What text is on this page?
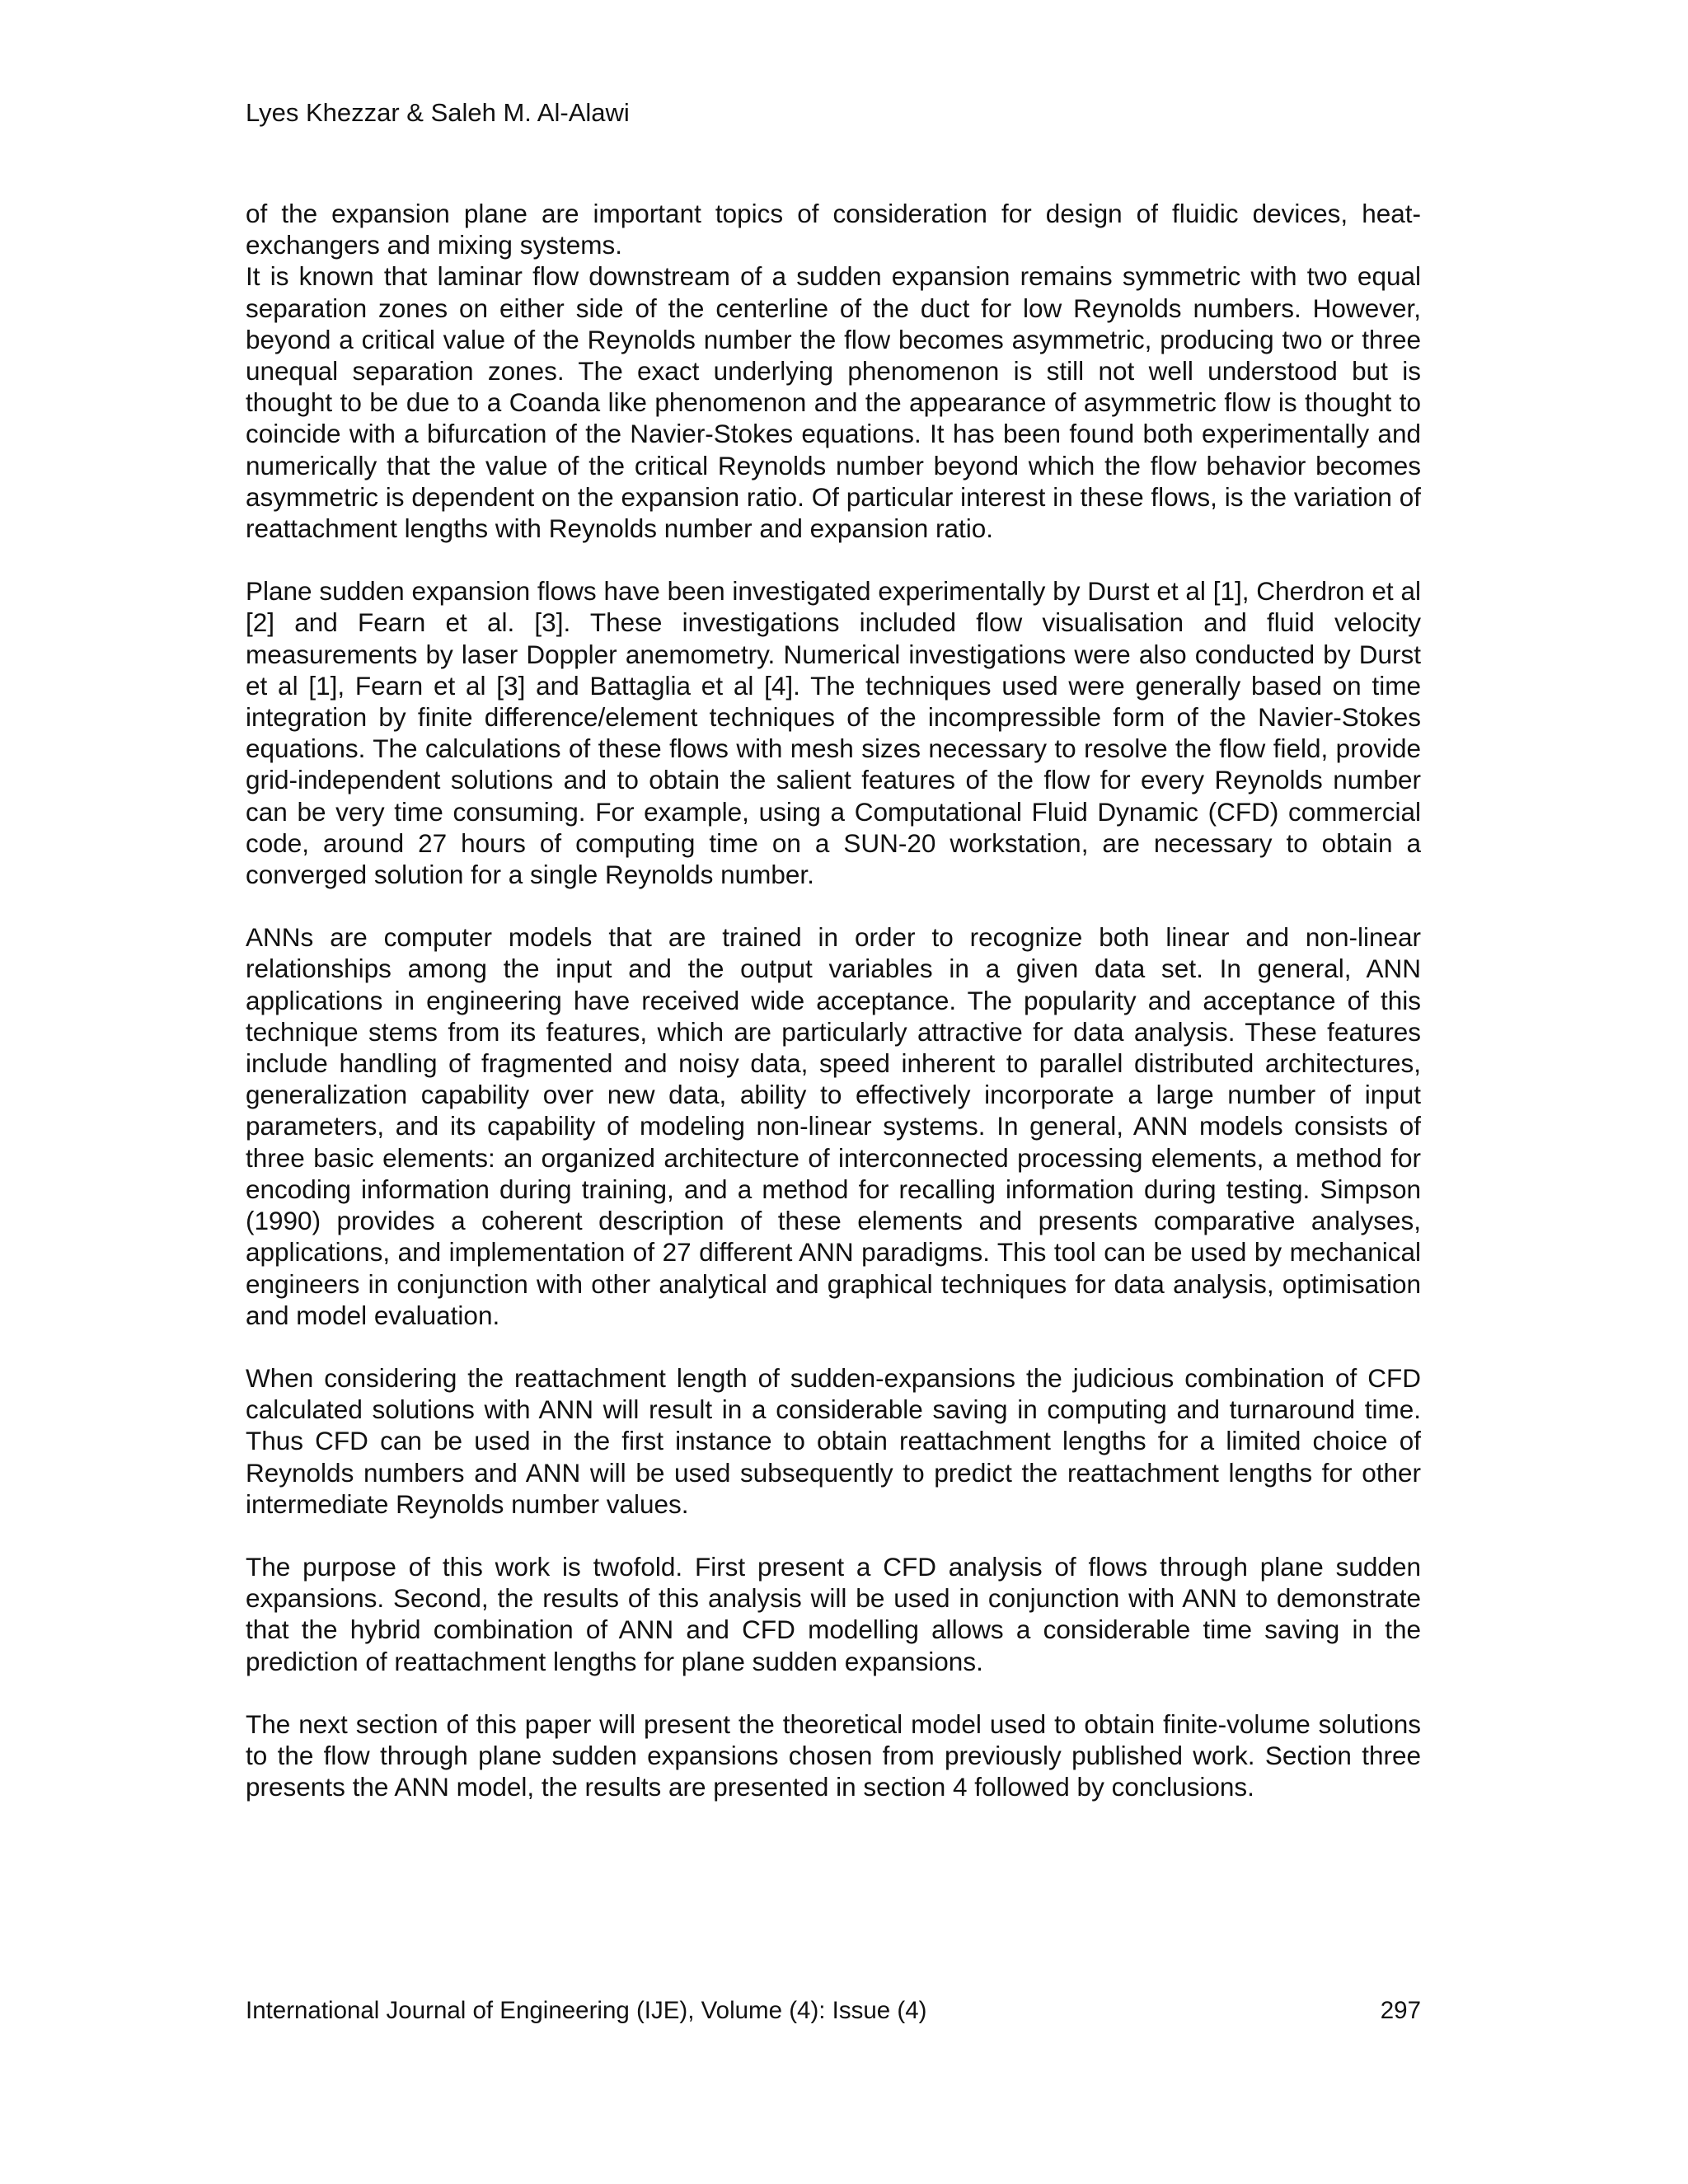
Lyes Khezzar & Saleh M. Al-Alawi

of the expansion plane are important topics of consideration for design of fluidic devices, heat-exchangers and mixing systems.

It is known that laminar flow downstream of a sudden expansion remains symmetric with two equal separation zones on either side of the centerline of the duct for low Reynolds numbers. However, beyond a critical value of the Reynolds number the flow becomes asymmetric, producing two or three unequal separation zones. The exact underlying phenomenon is still not well understood but is thought to be due to a Coanda like phenomenon and the appearance of asymmetric flow is thought to coincide with a bifurcation of the Navier-Stokes equations. It has been found both experimentally and numerically that the value of the critical Reynolds number beyond which the flow behavior becomes asymmetric is dependent on the expansion ratio. Of particular interest in these flows, is the variation of reattachment lengths with Reynolds number and expansion ratio.

Plane sudden expansion flows have been investigated experimentally by Durst et al [1], Cherdron et al [2] and Fearn et al. [3]. These investigations included flow visualisation and fluid velocity measurements by laser Doppler anemometry. Numerical investigations were also conducted by Durst et al [1], Fearn et al [3] and Battaglia et al [4]. The techniques used were generally based on time integration by finite difference/element techniques of the incompressible form of the Navier-Stokes equations. The calculations of these flows with mesh sizes necessary to resolve the flow field, provide grid-independent solutions and to obtain the salient features of the flow for every Reynolds number can be very time consuming. For example, using a Computational Fluid Dynamic (CFD) commercial code, around 27 hours of computing time on a SUN-20 workstation, are necessary to obtain a converged solution for a single Reynolds number.

ANNs are computer models that are trained in order to recognize both linear and non-linear relationships among the input and the output variables in a given data set. In general, ANN applications in engineering have received wide acceptance. The popularity and acceptance of this technique stems from its features, which are particularly attractive for data analysis. These features include handling of fragmented and noisy data, speed inherent to parallel distributed architectures, generalization capability over new data, ability to effectively incorporate a large number of input parameters, and its capability of modeling non-linear systems. In general, ANN models consists of three basic elements: an organized architecture of interconnected processing elements, a method for encoding information during training, and a method for recalling information during testing. Simpson (1990) provides a coherent description of these elements and presents comparative analyses, applications, and implementation of 27 different ANN paradigms. This tool can be used by mechanical engineers in conjunction with other analytical and graphical techniques for data analysis, optimisation and model evaluation.

When considering the reattachment length of sudden-expansions the judicious combination of CFD calculated solutions with ANN will result in a considerable saving in computing and turnaround time. Thus CFD can be used in the first instance to obtain reattachment lengths for a limited choice of Reynolds numbers and ANN will be used subsequently to predict the reattachment lengths for other intermediate Reynolds number values.

The purpose of this work is twofold. First present a CFD analysis of flows through plane sudden expansions. Second, the results of this analysis will be used in conjunction with ANN to demonstrate that the hybrid combination of ANN and CFD modelling allows a considerable time saving in the prediction of reattachment lengths for plane sudden expansions.

The next section of this paper will present the theoretical model used to obtain finite-volume solutions to the flow through plane sudden expansions chosen from previously published work. Section three presents the ANN model, the results are presented in section 4 followed by conclusions.

International Journal of Engineering (IJE), Volume (4): Issue (4)	297
